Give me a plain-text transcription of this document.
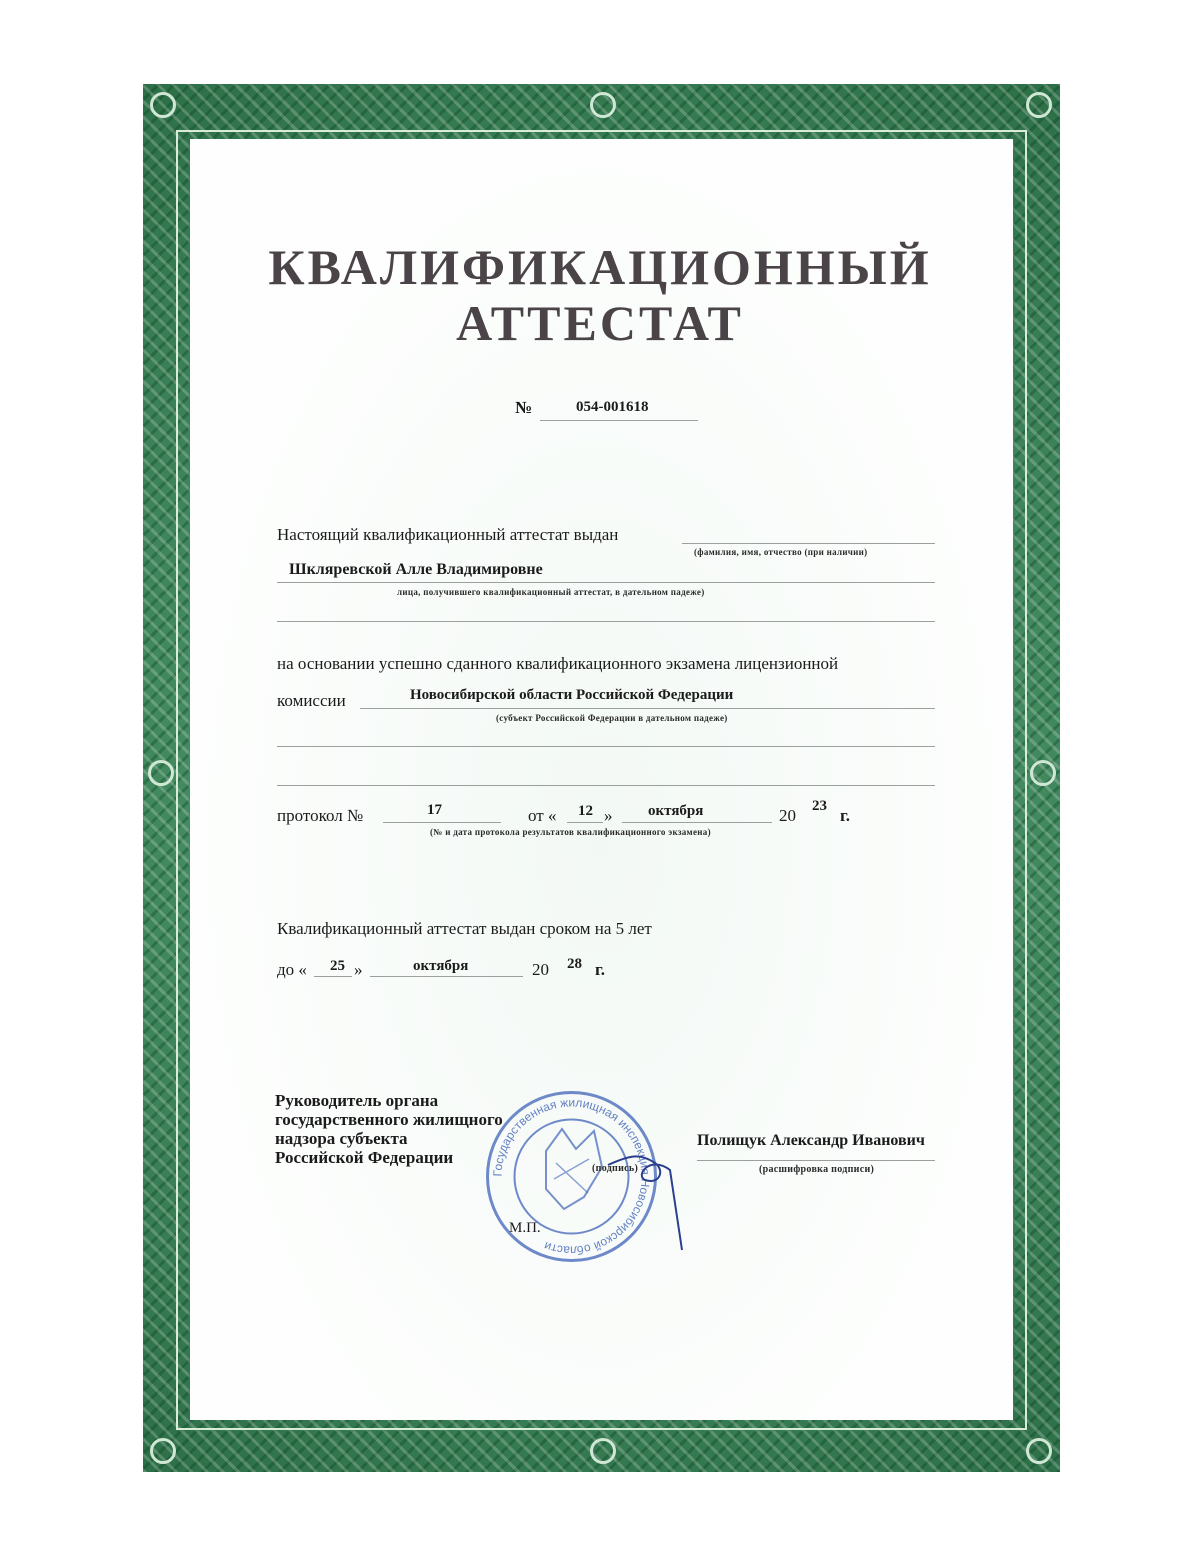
КВАЛИФИКАЦИОННЫЙ
АТТЕСТАТ
№	054-001618
Настоящий квалификационный аттестат выдан
(фамилия, имя, отчество (при наличии)
Шкляревской Алле Владимировне
лица, получившего квалификационный аттестат, в дательном падеже)
на основании успешно сданного квалификационного экзамена лицензионной
комиссии	Новосибирской области Российской Федерации
(субъект Российской Федерации в дательном падеже)
протокол №	17	от « 12 » октября	20 23 г.
(№ и дата протокола результатов квалификационного экзамена)
Квалификационный аттестат выдан сроком на 5 лет
до « 25 »	октября	20 28 г.
Руководитель органа
государственного жилищного
надзора субъекта
Российской Федерации
Государственная жилищная инспекция Новосибирской области
(подпись)
М.П.
Полищук Александр Иванович
(расшифровка подписи)
